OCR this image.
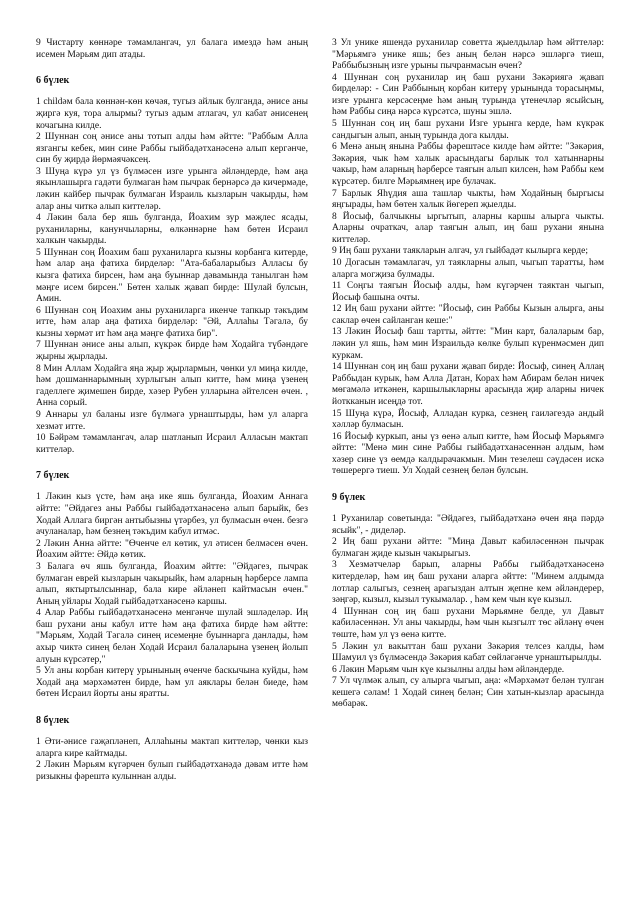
9 Чистарту көннәре тәмамлангач, ул балага имездә һәм аның исемен Мәрьям дип атады.

6 бүлек

1 childәм бала көннән-көн көчәя, тугыз айлык булганда, әнисе аны җиргә куя, тора алырмы? тугыз адым атлагач, ул кабат әнисенең кочагына килде.

2 Шуннан соң әнисе аны тотып алды һәм әйтте: "Раббым Алла язгангы кебек, мин сине Раббы гыйбадәтханәсенә алып кергәнче, син бу җирдә йөрмәячәксең.

3 Шуңа күрә ул үз бүлмәсен изге урынга әйләндерде, һәм аңа якынлашырга гадәти булмаган һәм пычрак бернәрсә дә кичермәде, ләкин кайбер пычрак булмаган Израиль кызларын чакырды, һәм алар аны читкә алып киттеләр.

4 Ләкин бала бер яшь булганда, Йоахим зур мәҗлес ясады, руханиларны, канунчыларны, өлкәннәрне һәм бөтен Исраил халкын чакырды.

5 Шуннан соң Йоахим баш руханиларга кызны корбанга китерде, һәм алар аңа фатиха бирделәр: "Ата-бабаларыбыз Алласы бу кызга фатиха бирсен, һәм аңа буыннар дәвамында танылган һәм мәңге исем бирсен." Бөтен халык җавап бирде: Шулай булсын, Амин.

6 Шуннан соң Иоахим аны руханиларга икенче тапкыр тәкъдим итте, һәм алар аңа фатиха бирделәр: "Әй, Аллаһы Тәгалә, бу кызны хөрмәт ит һәм аңа мәңге фатиха бир".

7 Шуннан әнисе аны алып, күкрәк бирде һәм Ходайга түбәндәге җырны җырлады.

8 Мин Аллам Ходайга яңа җыр җырлармын, чөнки ул миңа килде, һәм дошманнарымның хурлыгын алып китте, һәм миңа үзенең гаделлеге җимешен бирде, хәзер Рубен улларына әйтелсен өчен. , Анна сорый.

9 Аннары ул баланы изге бүлмәгә урнаштырды, һәм ул аларга хезмәт итте.

10 Бәйрәм тәмамлангач, алар шатланып Исраил Алласын мактап киттеләр.

7 бүлек

1 Ләкин кыз үсте, һәм аңа ике яшь булганда, Йоахим Аннага әйтте: "Әйдәгез аны Раббы гыйбадәтханәсенә алып барыйк, без Ходай Аллага биргән антыбызны үтәрбез, ул булмасын өчен. безгә ачуланалар, һәм безнең тәкъдим кабул итмәс.

2 Ләкин Анна әйтте: "Өченче ел көтик, ул әтисен белмәсен өчен. Йоахим әйтте: Әйдә көтик.

3 Балага өч яшь булганда, Йоахим әйтте: "Әйдәгез, пычрак булмаган еврей кызларын чакырыйк, һәм аларның һәрберсе лампа алып, яктыртылсыннар, бала кире әйләнеп кайтмасын өчен." Аның уйлары Ходай гыйбадәтханәсенә каршы.

4 Алар Раббы гыйбадәтханәсенә менгәнче шулай эшләделәр. Иң баш рухани аны кабул итте һәм аңа фатиха бирде һәм әйтте: "Мәрьям, Ходай Тәгалә синең исемеңне буыннарга данлады, һәм ахыр чиктә синең белән Ходай Исраил балаларына үзенең йолып алуын күрсәтер,"

5 Ул аны корбан китерү урынының өченче баскычына куйды, һәм Ходай аңа мәрхәмәтен бирде, һәм ул аяклары белән биеде, һәм бөтен Исраил йорты аны яратты.

8 бүлек

1 Әти-әнисе гаҗәпләнеп, Аллаһыны мактап киттеләр, чөнки кыз аларга кире кайтмады.

2 Ләкин Мәрьям күгәрчен булып гыйбадәтханәдә дәвам итте һәм ризыкны фәрештә кулыннан алды.

3 Ул унике яшендә руханилар советта җыелдылар һәм әйттеләр: "Мәрьямгә унике яшь; без аның белән нәрсә эшләргә тиеш, Раббыбызның изге урыны пычранмасын өчен?

4 Шуннан соң руханилар иң баш рухани Зәкәриягә җавап бирделәр: - Син Раббының корбан китерү урынында торасыңмы, изге урынга керсәсеңме һәм аның турында үтенечләр ясыйсың, һәм Раббы сиңа нәрсә күрсәтсә, шуны эшлә.

5 Шуннан соң иң баш рухани Изге урынга керде, һәм күкрәк сандыгын алып, аның турында дога кылды.

6 Менә аның янына Раббы фәрештәсе килде һәм әйтте: "Зәкәрия, Зәкәрия, чык һәм халык арасындагы барлык тол хатыннарны чакыр, һәм аларның һәрберсе таягын алып килсен, һәм Раббы кем күрсәтер. билге Мәрьямнең ире булачак.

7 Барлык Яһүдия аша ташлар чыкты, һәм Ходайның быргысы яңгырады, һәм бөтен халык йөгереп җыелды.

8 Йосыф, балчыкны ыргытып, аларны каршы алырга чыкты. Аларны очраткач, алар таягын алып, иң баш рухани янына киттеләр.

9 Иң баш рухани таякларын алгач, ул гыйбадәт кылырга керде;

10 Догасын тәмамлагач, ул таякларны алып, чыгып таратты, һәм аларга могҗиза булмады.

11 Соңгы таягын Йосыф алды, һәм күгәрчен таяктан чыгып, Йосыф башына очты.

12 Иң баш рухани әйтте: "Йосыф, син Раббы Кызын алырга, аны саклар өчен сайланган кеше:"

13 Ләкин Йосыф баш тартты, әйтте: "Мин карт, балаларым бар, ләкин ул яшь, һәм мин Израильдә көлке булып күренмәсмен дип куркам.

14 Шуннан соң иң баш рухани җавап бирде: Йосыф, синең Аллаң Раббыдан курык, һәм Алла Датан, Корах һәм Абирам белән ничек мөгамәлә иткәнен, каршылыкларны арасында җир аларны ничек йоткканын исеңдә тот.

15 Шуңа күрә, Йосыф, Алладан курка, сезнең гаиләгездә андый хәлләр булмасын.

16 Йосыф куркып, аны үз өенә алып китте, һәм Йосыф Мәрьямгә әйтте: "Менә мин сине Раббы гыйбадәтханәсеннән алдым, һәм хәзер сине үз өемдә калдырачакмын. Мин тезелеш сәүдәсен искә төшерергә тиеш. Ул Ходай сезнең белән булсын.

9 бүлек

1 Руханилар советында: "Әйдәгез, гыйбадәтханә өчен яңа пәрдә ясыйк", - диделәр.

2 Иң баш рухани әйтте: "Миңа Давыт кабиләсеннән пычрак булмаган җиде кызын чакырыгыз.

3 Хезмәтчеләр барып, аларны Раббы гыйбадәтханәсенә китерделәр, һәм иң баш рухани аларга әйтте: "Минем алдымда лотлар салыгыз, сезнең арагыздан алтын җепне кем әйләндерер, зәңгәр, кызыл, кызыл тукымалар. , һәм кем чын күе кызыл.

4 Шуннан соң иң баш рухани Мәрьямне белде, ул Давыт кабиләсеннән. Ул аны чакырды, һәм чын кызгылт төс әйләнү өчен төште, һәм ул үз өенә китте.

5 Ләкин ул вакыттан баш рухани Зәкәрия телсез калды, һәм Шамуил үз бүлмәсендә Зәкәрия кабат сөйләгәнче урнаштырылды.

6 Ләкин Мәрьям чын күе кызылны алды һәм әйләндерде.

7 Ул чүлмәк алып, су алырга чыгып, аңа: «Мәрхәмәт белән тулган кешегә сәлам! 1 Ходай синең белән; Син хатын-кызлар арасында мөбарәк.
